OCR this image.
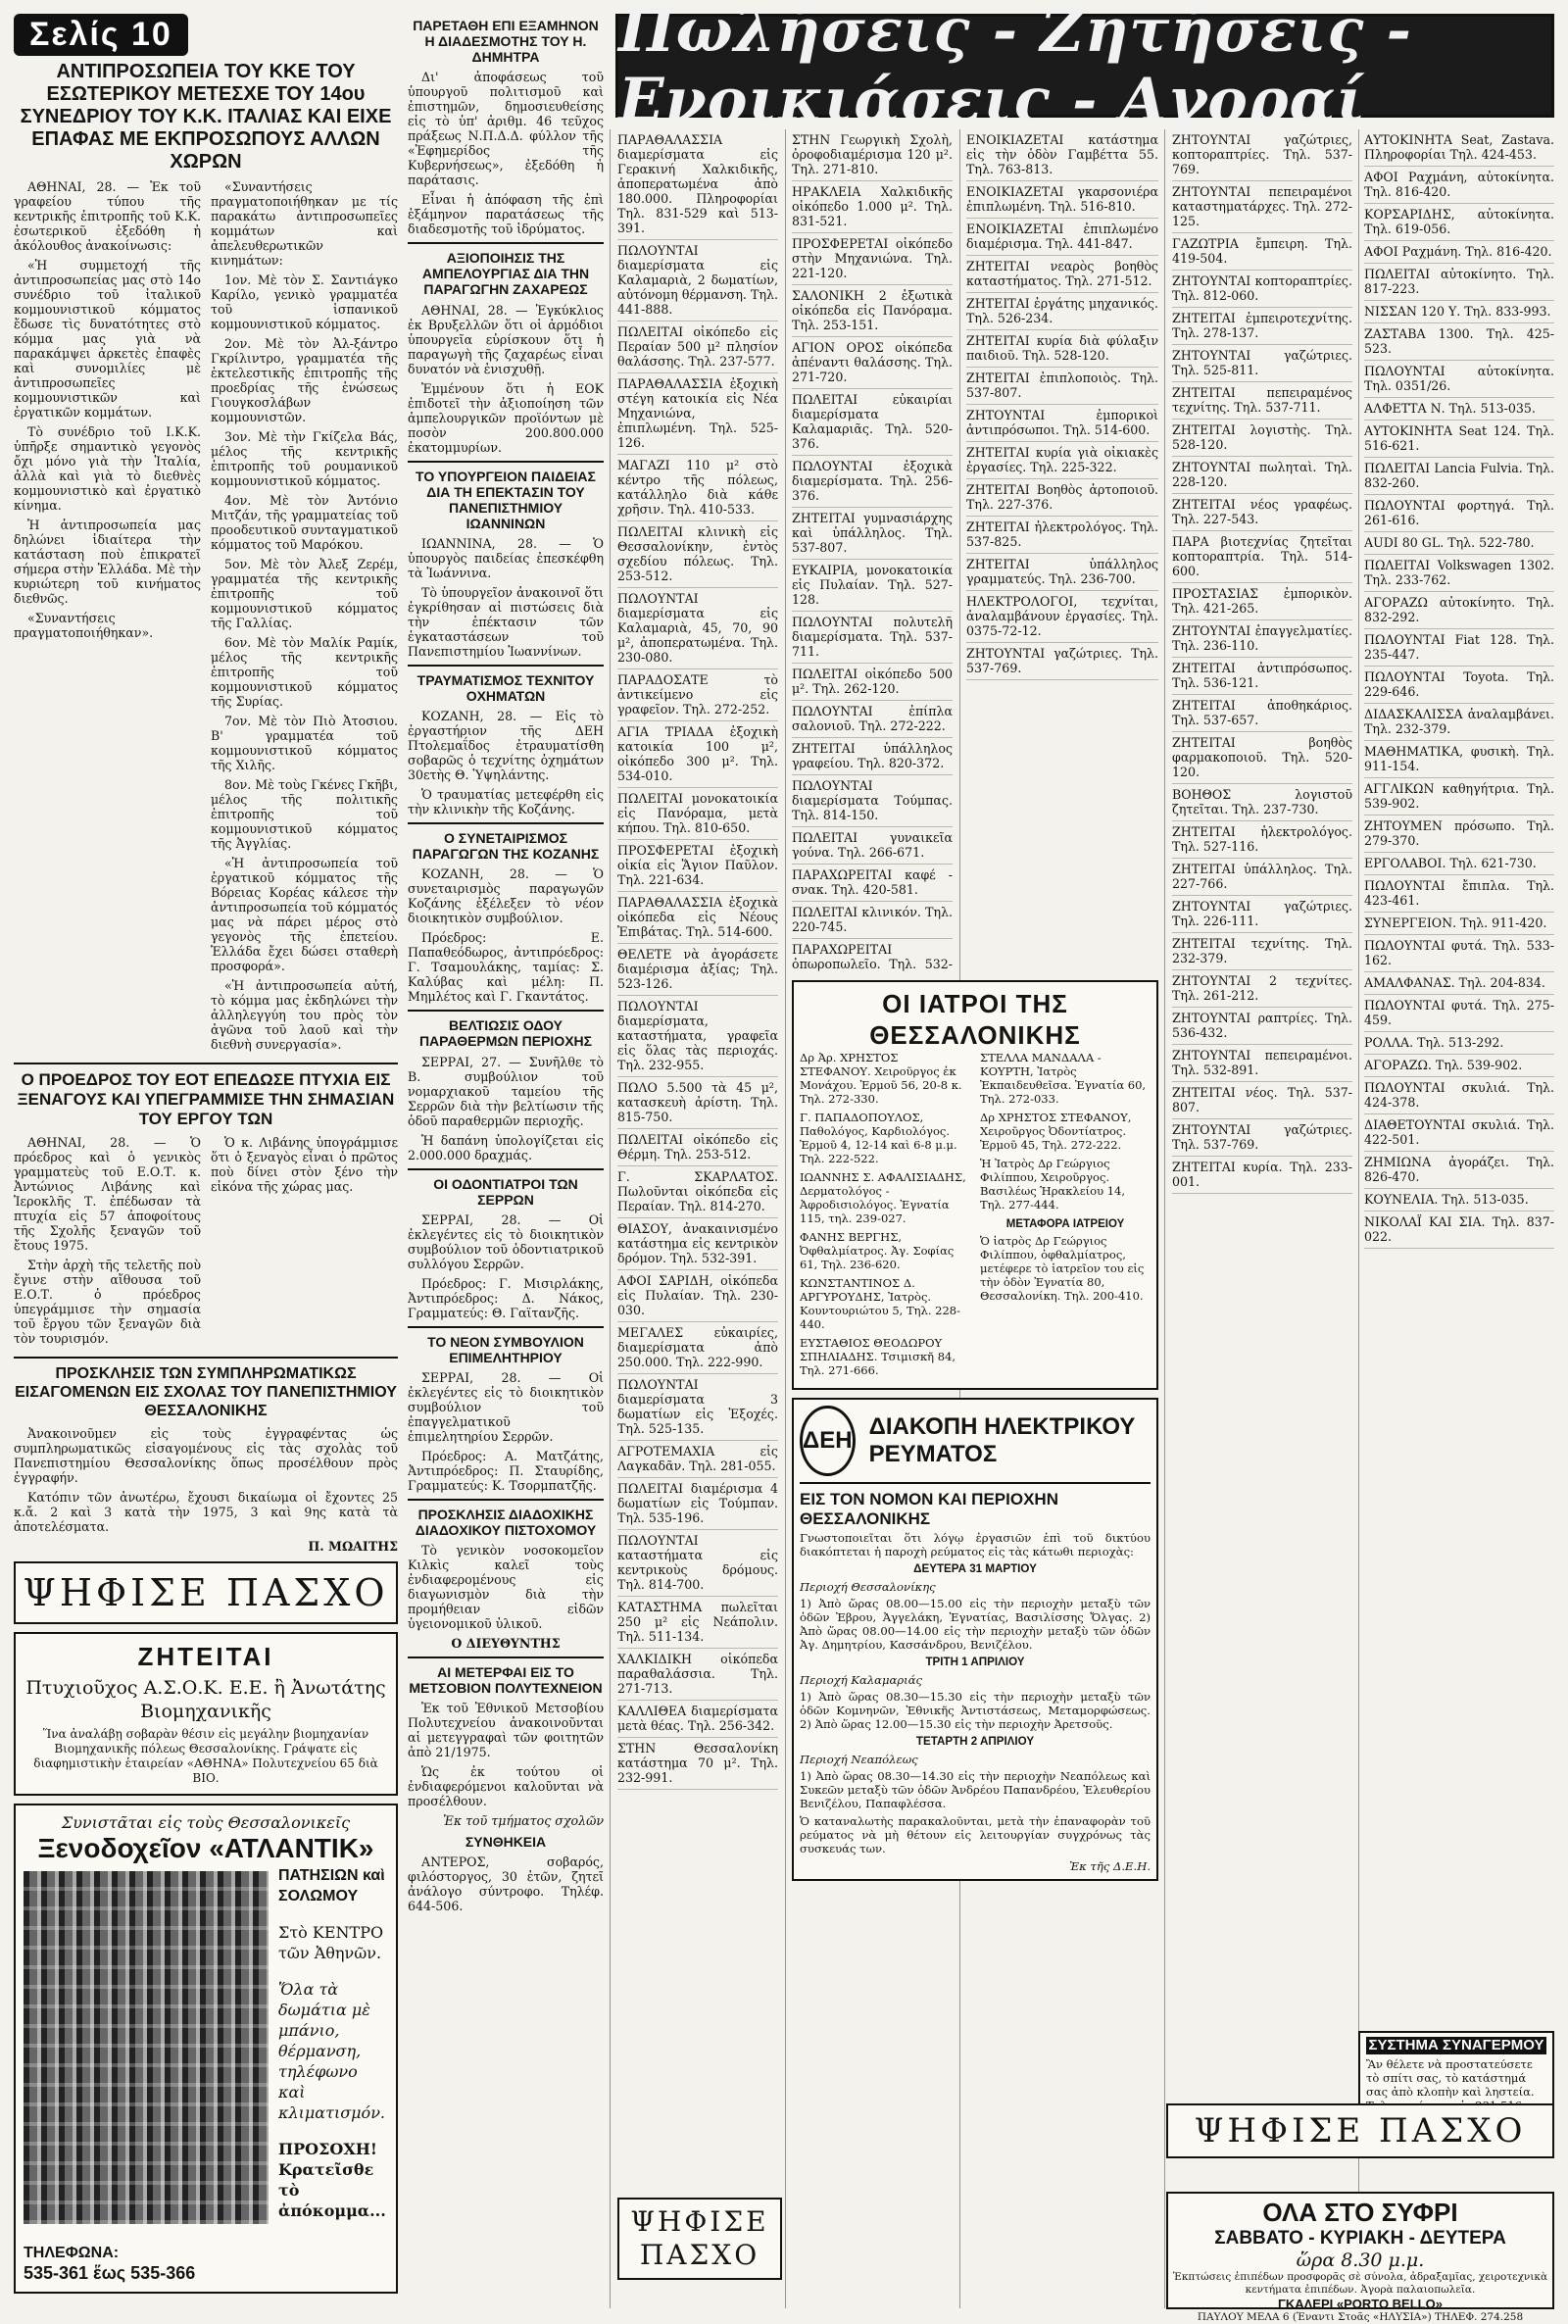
Σελίς 10	Πωλήσεις - Ζητήσεις - Ενοικιάσεις - Αγοραί
ΑΝΤΙΠΡΟΣΩΠΕΙΑ ΤΟΥ ΚΚΕ ΤΟΥ ΕΣΩΤΕΡΙΚΟΥ ΜΕΤΕΣΧΕ ΤΟΥ 14ου ΣΥΝΕΔΡΙΟΥ ΤΟΥ Κ.Κ. ΙΤΑΛΙΑΣ ΚΑΙ ΕΙΧΕ ΕΠΑΦΑΣ ΜΕ ΕΚΠΡΟΣΩΠΟΥΣ ΑΛΛΩΝ ΧΩΡΩΝ

ΑΘΗΝΑΙ, 28. — Ἐκ τοῦ γραφείου τύπου τῆς κεντρικῆς ἐπιτροπῆς τοῦ Κ.Κ. ἐσωτερικοῦ ἐξεδόθη ἡ ἀκόλουθος ἀνακοίνωσις:

«Ἡ συμμετοχή τῆς ἀντιπροσωπείας μας στὸ 14ο συνέδριο τοῦ ἰταλικοῦ κομμουνιστικοῦ κόμματος ἔδωσε τὶς δυνατότητες στὸ κόμμα μας γιὰ νὰ παρακάμψει ἀρκετὲς ἐπαφὲς καὶ συνομιλίες μὲ ἀντιπροσωπεῖες κομμουνιστικῶν καὶ ἐργατικῶν κομμάτων.

Τὸ συνέδριο τοῦ Ι.Κ.Κ. ὑπῆρξε σημαντικὸ γεγονὸς ὄχι μόνο γιὰ τὴν Ἰταλία, ἀλλὰ καὶ γιὰ τὸ διεθνὲς κομμουνιστικὸ καὶ ἐργατικὸ κίνημα.

Ἡ ἀντιπροσωπεία μας δηλώνει ἰδιαίτερα τὴν κατάσταση ποὺ ἐπικρατεῖ σήμερα στὴν Ἑλλάδα. Μὲ τὴν κυριώτερη τοῦ κινήματος διεθνῶς.

«Συναντήσεις πραγματοποιήθηκαν».

«Συναντήσεις πραγματοποιήθηκαν με τίς παρακάτω ἀντιπροσωπεῖες κομμάτων καὶ ἀπελευθερωτικῶν κινημάτων:

1ον. Μὲ τὸν Σ. Σαντιάγκο Καρίλο, γενικὸ γραμματέα τοῦ ἱσπανικοῦ κομμουνιστικοῦ κόμματος.

2ον. Μὲ τὸν Ἀλ-ξάντρο Γκρίλιντρο, γραμματέα τῆς ἐκτελεστικῆς ἐπιτροπῆς τῆς προεδρίας τῆς ἑνώσεως Γιουγκοσλάβων κομμουνιστῶν.

3ον. Μὲ τὴν Γκίζελα Βάς, μέλος τῆς κεντρικῆς ἐπιτροπῆς τοῦ ρουμανικοῦ κομμουνιστικοῦ κόμματος.

4ον. Μὲ τὸν Ἀντόνιο Μιτζάν, τῆς γραμματείας τοῦ προοδευτικοῦ συνταγματικοῦ κόμματος τοῦ Μαρόκου.

5ον. Μὲ τὸν Ἀλεξ Ζερέμ, γραμματέα τῆς κεντρικῆς ἐπιτροπῆς τοῦ κομμουνιστικοῦ κόμματος τῆς Γαλλίας.

6ον. Μὲ τὸν Μαλίκ Ραμίκ, μέλος τῆς κεντρικῆς ἐπιτροπῆς τοῦ κομμουνιστικοῦ κόμματος τῆς Συρίας.

7ον. Μὲ τὸν Πιὸ Ἀτοσιου. Β' γραμματέα τοῦ κομμουνιστικοῦ κόμματος τῆς Χιλῆς.

8ον. Μὲ τοὺς Γκένες Γκῆβι, μέλος τῆς πολιτικῆς ἐπιτροπῆς τοῦ κομμουνιστικοῦ κόμματος τῆς Ἀγγλίας.

«Ἡ ἀντιπροσωπεία τοῦ ἐργατικοῦ κόμματος τῆς Βόρειας Κορέας κάλεσε τὴν ἀντιπροσωπεία τοῦ κόμματός μας νὰ πάρει μέρος στὸ γεγονὸς τῆς ἐπετείου. Ἐλλάδα ἔχει δώσει σταθερὴ προσφορά».

«Ἡ ἀντιπροσωπεία αὐτή, τὸ κόμμα μας ἐκδηλώνει τὴν ἀλληλεγγύη του πρὸς τὸν ἀγῶνα τοῦ λαοῦ καὶ τὴν διεθνὴ συνεργασία».

Ο ΠΡΟΕΔΡΟΣ ΤΟΥ ΕΟΤ ΕΠΕΔΩΣΕ ΠΤΥΧΙΑ ΕΙΣ ΞΕΝΑΓΟΥΣ ΚΑΙ ΥΠΕΓΡΑΜΜΙΣΕ ΤΗΝ ΣΗΜΑΣΙΑΝ ΤΟΥ ΕΡΓΟΥ ΤΩΝ

ΑΘΗΝΑΙ, 28. — Ὁ πρόεδρος καὶ ὁ γενικὸς γραμματεὺς τοῦ Ε.Ο.Τ. κ. Ἀντώνιος Λιβάνης καὶ Ἰεροκλῆς Τ. ἐπέδωσαν τὰ πτυχία εἰς 57 ἀποφοίτους τῆς Σχολῆς ξεναγῶν τοῦ ἔτους 1975.

Στὴν ἀρχὴ τῆς τελετῆς ποὺ ἔγινε στὴν αἴθουσα τοῦ Ε.Ο.Τ. ὁ πρόεδρος ὑπεγράμμισε τὴν σημασία τοῦ ἔργου τῶν ξεναγῶν διὰ τὸν τουρισμόν.

Ὁ κ. Λιβάνης ὑπογράμμισε ὅτι ὁ ξεναγὸς εἶναι ὁ πρῶτος ποὺ δίνει στὸν ξένο τὴν εἰκόνα τῆς χώρας μας.

ΠΡΟΣΚΛΗΣΙΣ ΤΩΝ ΣΥΜΠΛΗΡΩΜΑΤΙΚΩΣ ΕΙΣΑΓΟΜΕΝΩΝ ΕΙΣ ΣΧΟΛΑΣ ΤΟΥ ΠΑΝΕΠΙΣΤΗΜΙΟΥ ΘΕΣΣΑΛΟΝΙΚΗΣ

Ἀνακοινοῦμεν εἰς τοὺς ἐγγραφέντας ὡς συμπληρωματικῶς εἰσαγομένους εἰς τὰς σχολὰς τοῦ Πανεπιστημίου Θεσσαλονίκης ὅπως προσέλθουν πρὸς ἐγγραφήν.

Κατόπιν τῶν ἀνωτέρω, ἔχουσι δικαίωμα οἱ ἔχοντες 25 κ.ἄ. 2 καὶ 3 κατὰ τὴν 1975, 3 καὶ 9ης κατὰ τὰ ἀποτελέσματα.

Π. ΜΩΑΙΤΗΣ
ΨΗΦΙΣΕ ΠΑΣΧΟ
ΖΗΤΕΙΤΑΙ
Πτυχιοῦχος Α.Σ.Ο.Κ. Ε.Ε. ἢ Ἀνωτάτης Βιομηχανικῆς
Ἵνα ἀναλάβῃ σοβαρὰν θέσιν εἰς μεγάλην βιομηχανίαν Βιομηχανικῆς πόλεως Θεσσαλονίκης. Γράψατε εἰς διαφημιστικὴν ἑταιρείαν «ΑΘΗΝΑ» Πολυτεχνείου 65 διὰ ΒΙΟ.
Συνιστᾶται εἰς τοὺς Θεσσαλονικεῖς
Ξενοδοχεῖον «ΑΤΛΑΝΤΙΚ»
ΠΑΤΗΣΙΩΝ καὶ ΣΟΛΩΜΟΥ
Στὸ ΚΕΝΤΡΟ τῶν Ἀθηνῶν.
Ὅλα τὰ δωμάτια μὲ μπάνιο, θέρμανση, τηλέφωνο καὶ κλιματισμόν.
ΠΡΟΣΟΧΗ! Κρατεῖσθε τὸ ἀπόκομμα...
ΤΗΛΕΦΩΝΑ:
535-361 ἕως 535-366
ΠΑΡΕΤΑΘΗ ΕΠΙ ΕΞΑΜΗΝΟΝ Η ΔΙΑΔΕΣΜΟΤΗΣ ΤΟΥ Η. ΔΗΜΗΤΡΑ

Δι' ἀποφάσεως τοῦ ὑπουργοῦ πολιτισμοῦ καὶ ἐπιστημῶν, δημοσιευθείσης εἰς τὸ ὑπ' ἀριθμ. 46 τεῦχος πράξεως Ν.Π.Δ.Δ. φύλλον τῆς «Ἐφημερίδος τῆς Κυβερνήσεως», ἐξεδόθη ἡ παράτασις.

Εἶναι ἡ ἀπόφαση τῆς ἐπὶ ἑξάμηνον παρατάσεως τῆς διαδεσμοτῆς τοῦ ἱδρύματος.

ΑΞΙΟΠΟΙΗΣΙΣ ΤΗΣ ΑΜΠΕΛΟΥΡΓΙΑΣ ΔΙΑ ΤΗΝ ΠΑΡΑΓΩΓΗΝ ΖΑΧΑΡΕΩΣ

ΑΘΗΝΑΙ, 28. — Ἐγκύκλιος ἐκ Βρυξελλῶν ὅτι οἱ ἀρμόδιοι ὑπουργεῖα εὑρίσκουν ὅτι ἡ παραγωγὴ τῆς ζαχαρέως εἶναι δυνατόν νὰ ἐνισχυθῇ.

Ἐμμένουν ὅτι ἡ ΕΟΚ ἐπιδοτεῖ τὴν ἀξιοποίηση τῶν ἀμπελουργικῶν προϊόντων μὲ ποσὸν 200.800.000 ἐκατομμυρίων.

ΤΟ ΥΠΟΥΡΓΕΙΟΝ ΠΑΙΔΕΙΑΣ ΔΙΑ ΤΗ ΕΠΕΚΤΑΣΙΝ ΤΟΥ ΠΑΝΕΠΙΣΤΗΜΙΟΥ ΙΩΑΝΝΙΝΩΝ

ΙΩΑΝΝΙΝΑ, 28. — Ὁ ὑπουργὸς παιδείας ἐπεσκέφθη τὰ Ἰωάννινα.

Τὸ ὑπουργεῖον ἀνακοινοῖ ὅτι ἐγκρίθησαν αἱ πιστώσεις διὰ τὴν ἐπέκτασιν τῶν ἐγκαταστάσεων τοῦ Πανεπιστημίου Ἰωαννίνων.

ΤΡΑΥΜΑΤΙΣΜΟΣ ΤΕΧΝΙΤΟΥ ΟΧΗΜΑΤΩΝ

ΚΟΖΑΝΗ, 28. — Εἰς τὸ ἐργαστήριον τῆς ΔΕΗ Πτολεμαΐδος ἐτραυματίσθη σοβαρῶς ὁ τεχνίτης ὀχημάτων 30ετὴς Θ. Ὑψηλάντης.

Ὁ τραυματίας μετεφέρθη εἰς τὴν κλινικὴν τῆς Κοζάνης.

Ο ΣΥΝΕΤΑΙΡΙΣΜΟΣ ΠΑΡΑΓΩΓΩΝ ΤΗΣ ΚΟΖΑΝΗΣ

ΚΟΖΑΝΗ, 28. — Ὁ συνεταιρισμὸς παραγωγῶν Κοζάνης ἐξέλεξεν τὸ νέον διοικητικὸν συμβούλιον.

Πρόεδρος: Ε. Παπαθεόδωρος, ἀντιπρόεδρος: Γ. Τσαμουλάκης, ταμίας: Σ. Καλύβας καὶ μέλη: Π. Μημλέτος καὶ Γ. Γκαντάτος.

ΒΕΛΤΙΩΣΙΣ ΟΔΟΥ ΠΑΡΑΘΕΡΜΩΝ ΠΕΡΙΟΧΗΣ

ΣΕΡΡΑΙ, 27. — Συνῆλθε τὸ Β. συμβούλιον τοῦ νομαρχιακοῦ ταμείου τῆς Σερρῶν διὰ τὴν βελτίωσιν τῆς ὁδοῦ παραθερμῶν περιοχῆς.

Ἡ δαπάνη ὑπολογίζεται εἰς 2.000.000 δραχμάς.

ΟΙ ΟΔΟΝΤΙΑΤΡΟΙ ΤΩΝ ΣΕΡΡΩΝ

ΣΕΡΡΑΙ, 28. — Οἱ ἐκλεγέντες εἰς τὸ διοικητικὸν συμβούλιον τοῦ ὀδοντιατρικοῦ συλλόγου Σερρῶν.

Πρόεδρος: Γ. Μισιρλάκης, Ἀντιπρόεδρος: Δ. Νάκος, Γραμματεύς: Θ. Γαϊτανζῆς.

ΤΟ ΝΕΟΝ ΣΥΜΒΟΥΛΙΟΝ ΕΠΙΜΕΛΗΤΗΡΙΟΥ

ΣΕΡΡΑΙ, 28. — Οἱ ἐκλεγέντες εἰς τὸ διοικητικὸν συμβούλιον τοῦ ἐπαγγελματικοῦ ἐπιμελητηρίου Σερρῶν.

Πρόεδρος: Α. Ματζάτης, Ἀντιπρόεδρος: Π. Σταυρίδης, Γραμματεύς: Κ. Τσορμπατζῆς.

ΠΡΟΣΚΛΗΣΙΣ ΔΙΑΔΟΧΙΚΗΣ ΔΙΑΔΟΧΙΚΟΥ ΠΙΣΤΟΧΟΜΟΥ

Τὸ γενικὸν νοσοκομεῖον Κιλκὶς καλεῖ τοὺς ἐνδιαφερομένους εἰς διαγωνισμὸν διὰ τὴν προμήθειαν εἰδῶν ὑγειονομικοῦ ὑλικοῦ.

Ο ΔΙΕΥΘΥΝΤΗΣ
ΑΙ ΜΕΤΕΡΦΑΙ ΕΙΣ ΤΟ ΜΕΤΣΟΒΙΟΝ ΠΟΛΥΤΕΧΝΕΙΟΝ

Ἐκ τοῦ Ἐθνικοῦ Μετσοβίου Πολυτεχνείου ἀνακοινοῦνται αἱ μετεγγραφαὶ τῶν φοιτητῶν ἀπὸ 21/1975.

Ὡς ἐκ τούτου οἱ ἐνδιαφερόμενοι καλοῦνται νὰ προσέλθουν.

Ἐκ τοῦ τμήματος σχολῶν
ΣΥΝΘΗΚΕΙΑ

ΑΝΤΕΡΟΣ, σοβαρός, φιλόστοργος, 30 ἐτῶν, ζητεῖ ἀνάλογο σύντροφο. Τηλέφ. 644-506.

ΠΑΡΑΘΑΛΑΣΣΙΑ διαμερίσματα εἰς Γερακινή Χαλκιδικῆς, ἀποπερατωμένα ἀπὸ 180.000. Πληροφορίαι Τηλ. 831-529 καὶ 513-391.
ΠΩΛΟΥΝΤΑΙ διαμερίσματα εἰς Καλαμαριὰ, 2 δωματίων, αὐτόνομη θέρμανση. Τηλ. 441-888.
ΠΩΛΕΙΤΑΙ οἰκόπεδο εἰς Περαίαν 500 μ² πλησίον θαλάσσης. Τηλ. 237-577.
ΠΑΡΑΘΑΛΑΣΣΙΑ ἐξοχικὴ στέγη κατοικία εἰς Νέα Μηχανιώνα, ἐπιπλωμένη. Τηλ. 525-126.
ΜΑΓΑΖΙ 110 μ² στὸ κέντρο τῆς πόλεως, κατάλληλο διὰ κάθε χρῆσιν. Τηλ. 410-533.
ΠΩΛΕΙΤΑΙ κλινικὴ εἰς Θεσσαλονίκην, ἐντὸς σχεδίου πόλεως. Τηλ. 253-512.
ΠΩΛΟΥΝΤΑΙ διαμερίσματα εἰς Καλαμαριὰ, 45, 70, 90 μ², ἀποπερατωμένα. Τηλ. 230-080.
ΠΑΡΑΔΟΣΑΤΕ τὸ ἀντικείμενο εἰς γραφεῖον. Τηλ. 272-252.
ΑΓΙΑ ΤΡΙΑΔΑ ἐξοχικὴ κατοικία 100 μ², οἰκόπεδο 300 μ². Τηλ. 534-010.
ΠΩΛΕΙΤΑΙ μονοκατοικία εἰς Πανόραμα, μετὰ κήπου. Τηλ. 810-650.
ΠΡΟΣΦΕΡΕΤΑΙ ἐξοχικὴ οἰκία εἰς Ἅγιον Παῦλον. Τηλ. 221-634.
ΠΑΡΑΘΑΛΑΣΣΙΑ ἐξοχικὰ οἰκόπεδα εἰς Νέους Ἐπιβάτας. Τηλ. 514-600.
ΘΕΛΕΤΕ νὰ ἀγοράσετε διαμέρισμα ἀξίας; Τηλ. 523-126.
ΠΩΛΟΥΝΤΑΙ διαμερίσματα, καταστήματα, γραφεῖα εἰς ὅλας τὰς περιοχάς. Τηλ. 232-955.
ΠΩΛΟ 5.500 τὰ 45 μ², κατασκευὴ ἀρίστη. Τηλ. 815-750.
ΠΩΛΕΙΤΑΙ οἰκόπεδο εἰς Θέρμη. Τηλ. 253-512.
Γ. ΣΚΑΡΛΑΤΟΣ. Πωλοῦνται οἰκόπεδα εἰς Περαίαν. Τηλ. 814-270.
ΘΙΑΣΟΥ, ἀνακαινισμένο κατάστημα εἰς κεντρικὸν δρόμον. Τηλ. 532-391.
ΑΦΟΙ ΣΑΡΙΔΗ, οἰκόπεδα εἰς Πυλαίαν. Τηλ. 230-030.
ΜΕΓΑΛΕΣ εὐκαιρίες, διαμερίσματα ἀπὸ 250.000. Τηλ. 222-990.
ΠΩΛΟΥΝΤΑΙ διαμερίσματα 3 δωματίων εἰς Ἐξοχές. Τηλ. 525-135.
ΑΓΡΟΤΕΜΑΧΙΑ εἰς Λαγκαδᾶν. Τηλ. 281-055.
ΠΩΛΕΙΤΑΙ διαμέρισμα 4 δωματίων εἰς Τούμπαν. Τηλ. 535-196.
ΠΩΛΟΥΝΤΑΙ καταστήματα εἰς κεντρικοὺς δρόμους. Τηλ. 814-700.
ΚΑΤΑΣΤΗΜΑ πωλεῖται 250 μ² εἰς Νεάπολιν. Τηλ. 511-134.
ΧΑΛΚΙΔΙΚΗ οἰκόπεδα παραθαλάσσια. Τηλ. 271-713.
ΚΑΛΛΙΘΕΑ διαμερίσματα μετὰ θέας. Τηλ. 256-342.
ΣΤΗΝ Θεσσαλονίκη κατάστημα 70 μ². Τηλ. 232-991.
ΣΤΗΝ Γεωργικὴ Σχολὴ, ὀροφοδιαμέρισμα 120 μ². Τηλ. 271-810.
ΗΡΑΚΛΕΙΑ Χαλκιδικῆς οἰκόπεδο 1.000 μ². Τηλ. 831-521.
ΠΡΟΣΦΕΡΕΤΑΙ οἰκόπεδο στὴν Μηχανιώνα. Τηλ. 221-120.
ΣΑΛΟΝΙΚΗ 2 ἐξωτικὰ οἰκόπεδα εἰς Πανόραμα. Τηλ. 253-151.
ΑΓΙΟΝ ΟΡΟΣ οἰκόπεδα ἀπέναντι θαλάσσης. Τηλ. 271-720.
ΠΩΛΕΙΤΑΙ εὐκαιρίαι διαμερίσματα Καλαμαριᾶς. Τηλ. 520-376.
ΠΩΛΟΥΝΤΑΙ ἐξοχικὰ διαμερίσματα. Τηλ. 256-376.
ΖΗΤΕΙΤΑΙ γυμνασιάρχης καὶ ὑπάλληλος. Τηλ. 537-807.
ΕΥΚΑΙΡΙΑ, μονοκατοικία εἰς Πυλαίαν. Τηλ. 527-128.
ΠΩΛΟΥΝΤΑΙ πολυτελῆ διαμερίσματα. Τηλ. 537-711.
ΠΩΛΕΙΤΑΙ οἰκόπεδο 500 μ². Τηλ. 262-120.
ΠΩΛΟΥΝΤΑΙ ἐπίπλα σαλονιοῦ. Τηλ. 272-222.
ΖΗΤΕΙΤΑΙ ὑπάλληλος γραφείου. Τηλ. 820-372.
ΠΩΛΟΥΝΤΑΙ διαμερίσματα Τούμπας. Τηλ. 814-150.
ΠΩΛΕΙΤΑΙ γυναικεῖα γούνα. Τηλ. 266-671.
ΠΑΡΑΧΩΡΕΙΤΑΙ καφέ - σνακ. Τηλ. 420-581.
ΠΩΛΕΙΤΑΙ κλινικόν. Τηλ. 220-745.
ΠΑΡΑΧΩΡΕΙΤΑΙ ὀπωροπωλεῖο. Τηλ. 532-
ΕΝΟΙΚΙΑΖΕΤΑΙ κατάστημα εἰς τὴν ὁδὸν Γαμβέττα 55. Τηλ. 763-813.
ΕΝΟΙΚΙΑΖΕΤΑΙ γκαρσονιέρα ἐπιπλωμένη. Τηλ. 516-810.
ΕΝΟΙΚΙΑΖΕΤΑΙ ἐπιπλωμένο διαμέρισμα. Τηλ. 441-847.
ΖΗΤΕΙΤΑΙ νεαρὸς βοηθὸς καταστήματος. Τηλ. 271-512.
ΖΗΤΕΙΤΑΙ ἐργάτης μηχανικός. Τηλ. 526-234.
ΖΗΤΕΙΤΑΙ κυρία διὰ φύλαξιν παιδιοῦ. Τηλ. 528-120.
ΖΗΤΕΙΤΑΙ ἐπιπλοποιὸς. Τηλ. 537-807.
ΖΗΤΟΥΝΤΑΙ ἐμπορικοὶ ἀντιπρόσωποι. Τηλ. 514-600.
ΖΗΤΕΙΤΑΙ κυρία γιὰ οἰκιακὲς ἐργασίες. Τηλ. 225-322.
ΖΗΤΕΙΤΑΙ Βοηθὸς ἀρτοποιοῦ. Τηλ. 227-376.
ΖΗΤΕΙΤΑΙ ἠλεκτρολόγος. Τηλ. 537-825.
ΖΗΤΕΙΤΑΙ ὑπάλληλος γραμματεύς. Τηλ. 236-700.
ΗΛΕΚΤΡΟΛΟΓΟΙ, τεχνίται, ἀναλαμβάνουν ἐργασίες. Τηλ. 0375-72-12.
ΖΗΤΟΥΝΤΑΙ γαζώτριες. Τηλ. 537-769.
ΖΗΤΟΥΝΤΑΙ γαζώτριες, κοπτοραπτρίες. Τηλ. 537-769.
ΖΗΤΟΥΝΤΑΙ πεπειραμένοι καταστηματάρχες. Τηλ. 272-125.
ΓΑΖΩΤΡΙΑ ἔμπειρη. Τηλ. 419-504.
ΖΗΤΟΥΝΤΑΙ κοπτοραπτρίες. Τηλ. 812-060.
ΖΗΤΕΙΤΑΙ ἐμπειροτεχνίτης. Τηλ. 278-137.
ΖΗΤΟΥΝΤΑΙ γαζώτριες. Τηλ. 525-811.
ΖΗΤΕΙΤΑΙ πεπειραμένος τεχνίτης. Τηλ. 537-711.
ΖΗΤΕΙΤΑΙ λογιστὴς. Τηλ. 528-120.
ΖΗΤΟΥΝΤΑΙ πωληταὶ. Τηλ. 228-120.
ΖΗΤΕΙΤΑΙ νέος γραφέως. Τηλ. 227-543.
ΠΑΡΑ βιοτεχνίας ζητεῖται κοπτοραπτρία. Τηλ. 514-600.
ΠΡΟΣΤΑΣΙΑΣ ἐμπορικὸν. Τηλ. 421-265.
ΖΗΤΟΥΝΤΑΙ ἐπαγγελματίες. Τηλ. 236-110.
ΖΗΤΕΙΤΑΙ ἀντιπρόσωπος. Τηλ. 536-121.
ΖΗΤΕΙΤΑΙ ἀποθηκάριος. Τηλ. 537-657.
ΖΗΤΕΙΤΑΙ βοηθὸς φαρμακοποιοῦ. Τηλ. 520-120.
ΒΟΗΘΟΣ λογιστοῦ ζητεῖται. Τηλ. 237-730.
ΖΗΤΕΙΤΑΙ ἡλεκτρολόγος. Τηλ. 527-116.
ΖΗΤΕΙΤΑΙ ὑπάλληλος. Τηλ. 227-766.
ΖΗΤΟΥΝΤΑΙ γαζώτριες. Τηλ. 226-111.
ΖΗΤΕΙΤΑΙ τεχνίτης. Τηλ. 232-379.
ΖΗΤΟΥΝΤΑΙ 2 τεχνίτες. Τηλ. 261-212.
ΖΗΤΟΥΝΤΑΙ ραπτρίες. Τηλ. 536-432.
ΖΗΤΟΥΝΤΑΙ πεπειραμένοι. Τηλ. 532-891.
ΖΗΤΕΙΤΑΙ νέος. Τηλ. 537-807.
ΖΗΤΟΥΝΤΑΙ γαζώτριες. Τηλ. 537-769.
ΖΗΤΕΙΤΑΙ κυρία. Τηλ. 233-001.
ΑΥΤΟΚΙΝΗΤΑ Seat, Zastava. Πληροφορίαι Τηλ. 424-453.
ΑΦΟΙ Ραχμάνη, αὐτοκίνητα. Τηλ. 816-420.
ΚΟΡΣΑΡΙΔΗΣ, αὐτοκίνητα. Τηλ. 619-056.
ΑΦΟΙ Ραχμάνη. Τηλ. 816-420.
ΠΩΛΕΙΤΑΙ αὐτοκίνητο. Τηλ. 817-223.
ΝΙΣΣΑΝ 120 Υ. Τηλ. 833-993.
ΖΑΣΤΑΒΑ 1300. Τηλ. 425-523.
ΠΩΛΟΥΝΤΑΙ αὐτοκίνητα. Τηλ. 0351/26.
ΑΛΦΕΤΤΑ Ν. Τηλ. 513-035.
ΑΥΤΟΚΙΝΗΤΑ Seat 124. Τηλ. 516-621.
ΠΩΛΕΙΤΑΙ Lancia Fulvia. Τηλ. 832-260.
ΠΩΛΟΥΝΤΑΙ φορτηγά. Τηλ. 261-616.
AUDI 80 GL. Τηλ. 522-780.
ΠΩΛΕΙΤΑΙ Volkswagen 1302. Τηλ. 233-762.
ΑΓΟΡΑΖΩ αὐτοκίνητο. Τηλ. 832-292.
ΠΩΛΟΥΝΤΑΙ Fiat 128. Τηλ. 235-447.
ΠΩΛΟΥΝΤΑΙ Toyota. Τηλ. 229-646.
ΔΙΔΑΣΚΑΛΙΣΣΑ ἀναλαμβάνει. Τηλ. 232-379.
ΜΑΘΗΜΑΤΙΚΑ, φυσικὴ. Τηλ. 911-154.
ΑΓΓΛΙΚΩΝ καθηγήτρια. Τηλ. 539-902.
ΖΗΤΟΥΜΕΝ πρόσωπο. Τηλ. 279-370.
ΕΡΓΟΛΑΒΟΙ. Τηλ. 621-730.
ΠΩΛΟΥΝΤΑΙ ἔπιπλα. Τηλ. 423-461.
ΣΥΝΕΡΓΕΙΟΝ. Τηλ. 911-420.
ΠΩΛΟΥΝΤΑΙ φυτά. Τηλ. 533-162.
ΑΜΑΛΦΑΝΑΣ. Τηλ. 204-834.
ΠΩΛΟΥΝΤΑΙ φυτά. Τηλ. 275-459.
ΡΟΛΛΑ. Τηλ. 513-292.
ΑΓΟΡΑΖΩ. Τηλ. 539-902.
ΠΩΛΟΥΝΤΑΙ σκυλιά. Τηλ. 424-378.
ΔΙΑΘΕΤΟΥΝΤΑΙ σκυλιά. Τηλ. 422-501.
ΖΗΜΙΩΝΑ ἀγοράζει. Τηλ. 826-470.
ΚΟΥΝΕΛΙΑ. Τηλ. 513-035.
ΝΙΚΟΛΑΪ ΚΑΙ ΣΙΑ. Τηλ. 837-022.
ΟΙ ΙΑΤΡΟΙ ΤΗΣ ΘΕΣΣΑΛΟΝΙΚΗΣ
Δρ Ἀρ. ΧΡΗΣΤΟΣ ΣΤΕΦΑΝΟΥ. Χειροῦργος ἐκ Μονάχου. Ἐρμοῦ 56, 20-8 κ. Τηλ. 272-330.
Γ. ΠΑΠΑΔΟΠΟΥΛΟΣ, Παθολόγος, Καρδιολόγος. Ἐρμοῦ 4, 12-14 καὶ 6-8 μ.μ. Τηλ. 222-522.
ΙΩΑΝΝΗΣ Σ. ΑΦΑΛΙΣΙΑΔΗΣ, Δερματολόγος - Ἀφροδισιολόγος. Ἐγνατία 115, τηλ. 239-027.
ΦΑΝΗΣ ΒΕΡΓΗΣ, Ὀφθαλμίατρος. Ἀγ. Σοφίας 61, Τηλ. 236-620.
ΚΩΝΣΤΑΝΤΙΝΟΣ Δ. ΑΡΓΥΡΟΥΔΗΣ, Ἰατρὸς. Κουντουριώτου 5, Τηλ. 228-440.
ΕΥΣΤΑΘΙΟΣ ΘΕΟΔΩΡΟΥ ΣΠΗΛΙΑΔΗΣ. Τσιμισκῆ 84, Τηλ. 271-666.
ΣΤΕΛΛΑ ΜΑΝΔΑΛΑ - ΚΟΥΡΤΗ, Ἰατρὸς Ἐκπαιδευθεῖσα. Ἐγνατία 60, Τηλ. 272-033.
Δρ ΧΡΗΣΤΟΣ ΣΤΕΦΑΝΟΥ, Χειροῦργος Ὀδοντίατρος. Ἐρμοῦ 45, Τηλ. 272-222.
Ἡ Ἰατρὸς Δρ Γεώργιος Φιλίππου, Χειροῦργος. Βασιλέως Ἡρακλείου 14, Τηλ. 277-444.
ΜΕΤΑΦΟΡΑ ΙΑΤΡΕΙΟΥ
Ὁ ἰατρὸς Δρ Γεώργιος Φιλίππου, ὀφθαλμίατρος, μετέφερε τὸ ἰατρεῖον του εἰς τὴν ὁδὸν Ἐγνατία 80, Θεσσαλονίκη. Τηλ. 200-410.
ΔΕΗ
ΔΙΑΚΟΠΗ ΗΛΕΚΤΡΙΚΟΥ ΡΕΥΜΑΤΟΣ
ΕΙΣ ΤΟΝ ΝΟΜΟΝ ΚΑΙ ΠΕΡΙΟΧΗΝ ΘΕΣΣΑΛΟΝΙΚΗΣ
Γνωστοποιεῖται ὅτι λόγῳ ἐργασιῶν ἐπὶ τοῦ δικτύου διακόπτεται ἡ παροχὴ ρεύματος εἰς τὰς κάτωθι περιοχὰς:
ΔΕΥΤΕΡΑ 31 ΜΑΡΤΙΟΥ
Περιοχή Θεσσαλονίκης
1) Ἀπὸ ὥρας 08.00—15.00 εἰς τὴν περιοχὴν μεταξὺ τῶν ὁδῶν Ἐβρου, Ἀγγελάκη, Ἐγνατίας, Βασιλίσσης Ὄλγας. 2) Ἀπὸ ὥρας 08.00—14.00 εἰς τὴν περιοχὴν μεταξὺ τῶν ὁδῶν Ἀγ. Δημητρίου, Κασσάνδρου, Βενιζέλου.
ΤΡΙΤΗ 1 ΑΠΡΙΛΙΟΥ
Περιοχή Καλαμαριάς
1) Ἀπὸ ὥρας 08.30—15.30 εἰς τὴν περιοχὴν μεταξὺ τῶν ὁδῶν Κομνηνῶν, Ἐθνικῆς Ἀντιστάσεως, Μεταμορφώσεως. 2) Ἀπὸ ὥρας 12.00—15.30 εἰς τὴν περιοχὴν Ἀρετσοῦς.
ΤΕΤΑΡΤΗ 2 ΑΠΡΙΛΙΟΥ
Περιοχή Νεαπόλεως
1) Ἀπὸ ὥρας 08.30—14.30 εἰς τὴν περιοχὴν Νεαπόλεως καὶ Συκεῶν μεταξὺ τῶν ὁδῶν Ἀνδρέου Παπανδρέου, Ἐλευθερίου Βενιζέλου, Παπαφλέσσα.
Ὁ καταναλωτὴς παρακαλοῦνται, μετὰ τὴν ἐπαναφορὰν τοῦ ρεύματος νὰ μὴ θέτουν εἰς λειτουργίαν συγχρόνως τὰς συσκευάς των.
Ἐκ τῆς Δ.Ε.Η.
ΨΗΦΙΣΕ ΠΑΣΧΟ
ΣΥΣΤΗΜΑ ΣΥΝΑΓΕΡΜΟΥ
Ἂν θέλετε νὰ προστατεύσετε τὸ σπίτι σας, τὸ κατάστημά σας ἀπὸ κλοπὴν καὶ ληστεία.
ΨΗΦΙΣΕ ΠΑΣΧΟ
ΟΛΑ ΣΤΟ ΣΥΦΡΙ
ΣΑΒΒΑΤΟ - ΚΥΡΙΑΚΗ - ΔΕΥΤΕΡΑ
ὥρα 8.30 μ.μ.
Ἐκπτώσεις ἐπιπέδων προσφορᾶς σὲ σύνολα, ἀδραξαμῖας, χειροτεχνικὰ κεντήματα ἐπιπέδων. Ἀγορὰ παλαιοπωλεῖα.
ΓΚΑΛΕΡΙ «PORTO BELLO»
ΠΑΥΛΟΥ ΜΕΛΑ 6 (Ἐναντι Στοᾶς «ΗΛΥΣΙΑ») ΤΗΛΕΦ. 274.258
